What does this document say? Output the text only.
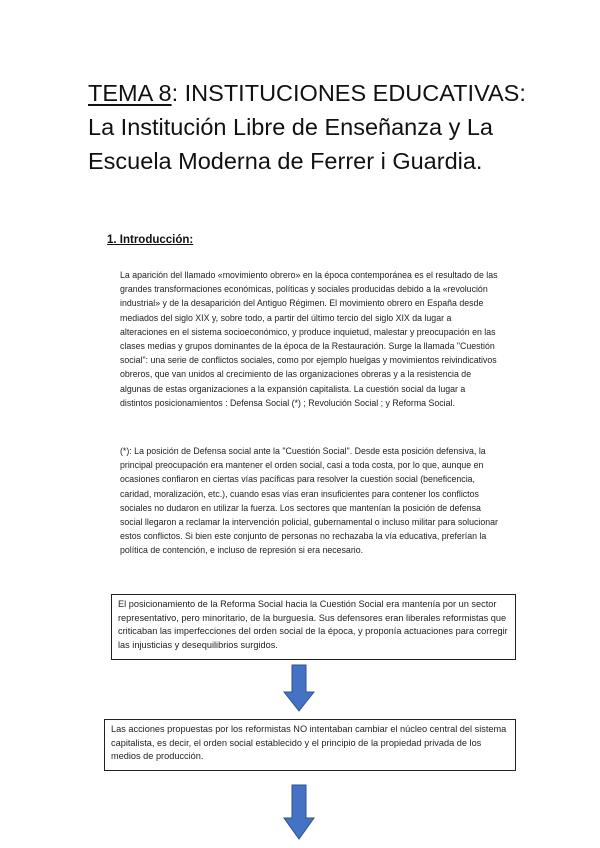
TEMA 8: INSTITUCIONES EDUCATIVAS: La Institución Libre de Enseñanza y La Escuela Moderna de Ferrer i Guardia.
1. Introducción:

La aparición del llamado «movimiento obrero» en la época contemporánea es el resultado de las grandes transformaciones económicas, políticas y sociales producidas debido a la «revolución industrial» y de la desaparición del Antiguo Régimen. El movimiento obrero en España desde mediados del siglo XIX y, sobre todo, a partir del último tercio del siglo XIX da lugar a alteraciones en el sistema socioeconómico, y produce inquietud, malestar y preocupación en las clases medias y grupos dominantes de la época de la Restauración. Surge la llamada "Cuestión social": una serie de conflictos sociales, como por ejemplo huelgas y movimientos reivindicativos obreros, que van unidos al crecimiento de las organizaciones obreras y a la resistencia de algunas de estas organizaciones a la expansión capitalista. La cuestión social da lugar a distintos posicionamientos : Defensa Social (*) ; Revolución Social ; y Reforma Social.

(*): La posición de Defensa social ante la "Cuestión Social". Desde esta posición defensiva, la principal preocupación era mantener el orden social, casi a toda costa, por lo que, aunque en ocasiones confiaron en ciertas vías pacíficas para resolver la cuestión social (beneficencia, caridad, moralización, etc.), cuando esas vías eran insuficientes para contener los conflictos sociales no dudaron en utilizar la fuerza. Los sectores que mantenían la posición de defensa social llegaron a reclamar la intervención policial, gubernamental o incluso militar para solucionar estos conflictos. Si bien este conjunto de personas no rechazaba la vía educativa, preferían la política de contención, e incluso de represión si era necesario.

El posicionamiento de la Reforma Social hacia la Cuestión Social era mantenía por un sector representativo, pero minoritario, de la burguesía. Sus defensores eran liberales reformistas que criticaban las imperfecciones del orden social de la época, y proponía actuaciones para corregir las injusticias y desequilibrios surgidos.
Las acciones propuestas por los reformistas NO intentaban cambiar el núcleo central del sistema capitalista, es decir, el orden social establecido y el principio de la propiedad privada de los medios de producción.
